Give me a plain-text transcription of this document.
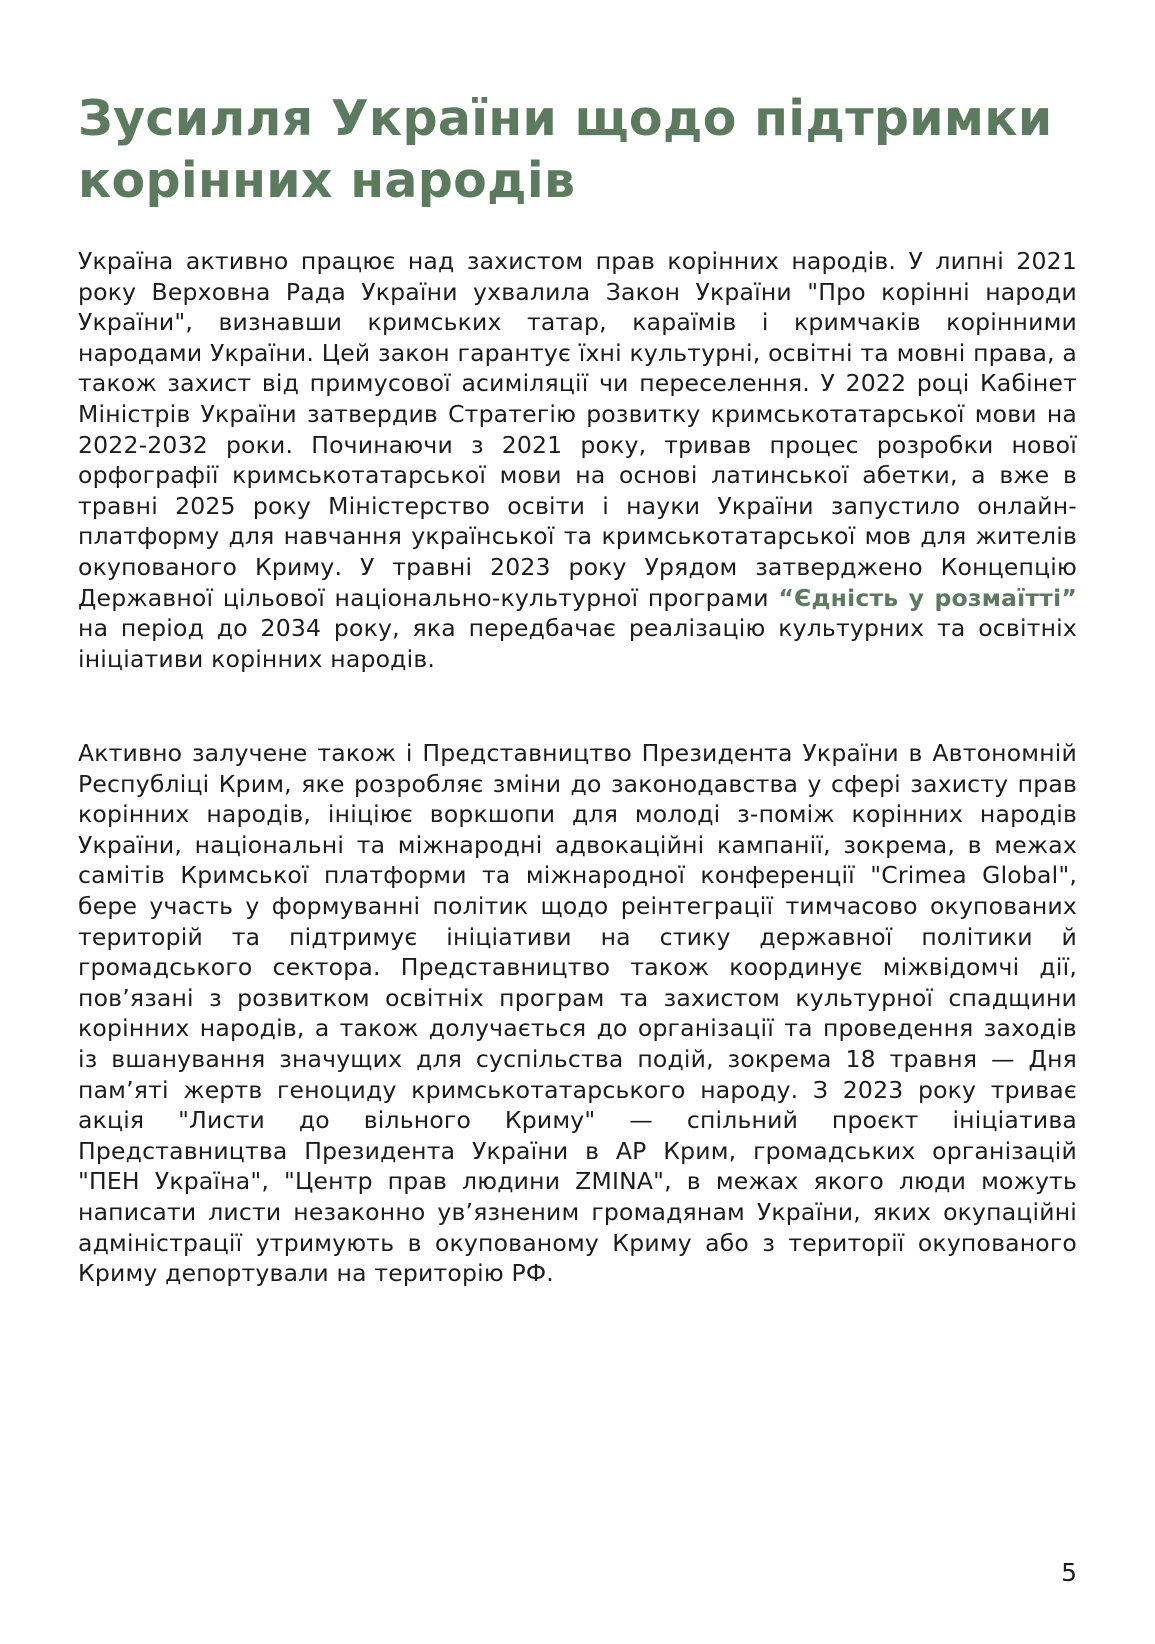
Зусилля України щодо підтримки корінних народів

Україна активно працює над захистом прав корінних народів. У липні 2021 року Верховна Рада України ухвалила Закон України "Про корінні народи України", визнавши кримських татар, караїмів і кримчаків корінними народами України. Цей закон гарантує їхні культурні, освітні та мовні права, а також захист від примусової асиміляції чи переселення. У 2022 році Кабінет Міністрів України затвердив Стратегію розвитку кримськотатарської мови на 2022-2032 роки. Починаючи з 2021 року, тривав процес розробки нової орфографії кримськотатарської мови на основі латинської абетки, а вже в травні 2025 року Міністерство освіти і науки України запустило онлайн-платформу для навчання української та кримськотатарської мов для жителів окупованого Криму. У травні 2023 року Урядом затверджено Концепцію Державної цільової національно-культурної програми “Єдність у розмаїтті” на період до 2034 року, яка передбачає реалізацію культурних та освітніх ініціативи корінних народів.

Активно залучене також і Представництво Президента України в Автономній Республіці Крим, яке розробляє зміни до законодавства у сфері захисту прав корінних народів, ініціює воркшопи для молоді з-поміж корінних народів України, національні та міжнародні адвокаційні кампанії, зокрема, в межах самітів Кримської платформи та міжнародної конференції "Crimea Global", бере участь у формуванні політик щодо реінтеграції тимчасово окупованих територій та підтримує ініціативи на стику державної політики й громадського сектора. Представництво також координує міжвідомчі дії, пов’язані з розвитком освітніх програм та захистом культурної спадщини корінних народів, а також долучається до організації та проведення заходів із вшанування значущих для суспільства подій, зокрема 18 травня — Дня пам’яті жертв геноциду кримськотатарського народу. З 2023 року триває акція "Листи до вільного Криму" — спільний проєкт ініціатива Представництва Президента України в АР Крим, громадських організацій "ПЕН Україна", "Центр прав людини ZMINA", в межах якого люди можуть написати листи незаконно ув’язненим громадянам України, яких окупаційні адміністрації утримують в окупованому Криму або з території окупованого Криму депортували на територію РФ.

5
